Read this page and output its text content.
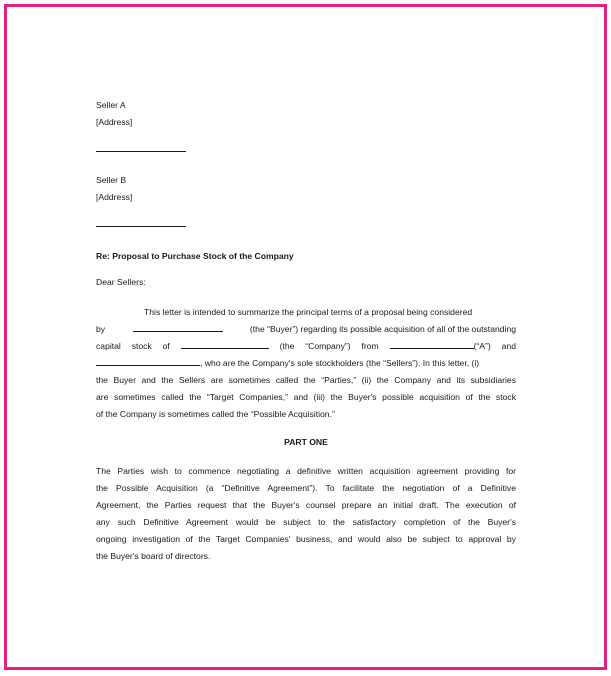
Seller A
[Address]
Seller B
[Address]
Re: Proposal to Purchase Stock of the Company
Dear Sellers:
This letter is intended to summarize the principal terms of a proposal being considered
by	(the “Buyer”) regarding its possible acquisition of all of the outstanding
capital stock of	(the “Company”) from	(“A”) and
, who are the Company's sole stockholders (the “Sellers”). In this letter, (i)
the Buyer and the Sellers are sometimes called the “Parties,” (ii) the Company and its subsidiaries
are sometimes called the “Target Companies,” and (iii) the Buyer's possible acquisition of the stock
of the Company is sometimes called the “Possible Acquisition.”
PART ONE
The Parties wish to commence negotiating a definitive written acquisition agreement providing for
the Possible Acquisition (a “Definitive Agreement”). To facilitate the negotiation of a Definitive
Agreement, the Parties request that the Buyer's counsel prepare an initial draft. The execution of
any such Definitive Agreement would be subject to the satisfactory completion of the Buyer's
ongoing investigation of the Target Companies' business, and would also be subject to approval by
the Buyer's board of directors.
